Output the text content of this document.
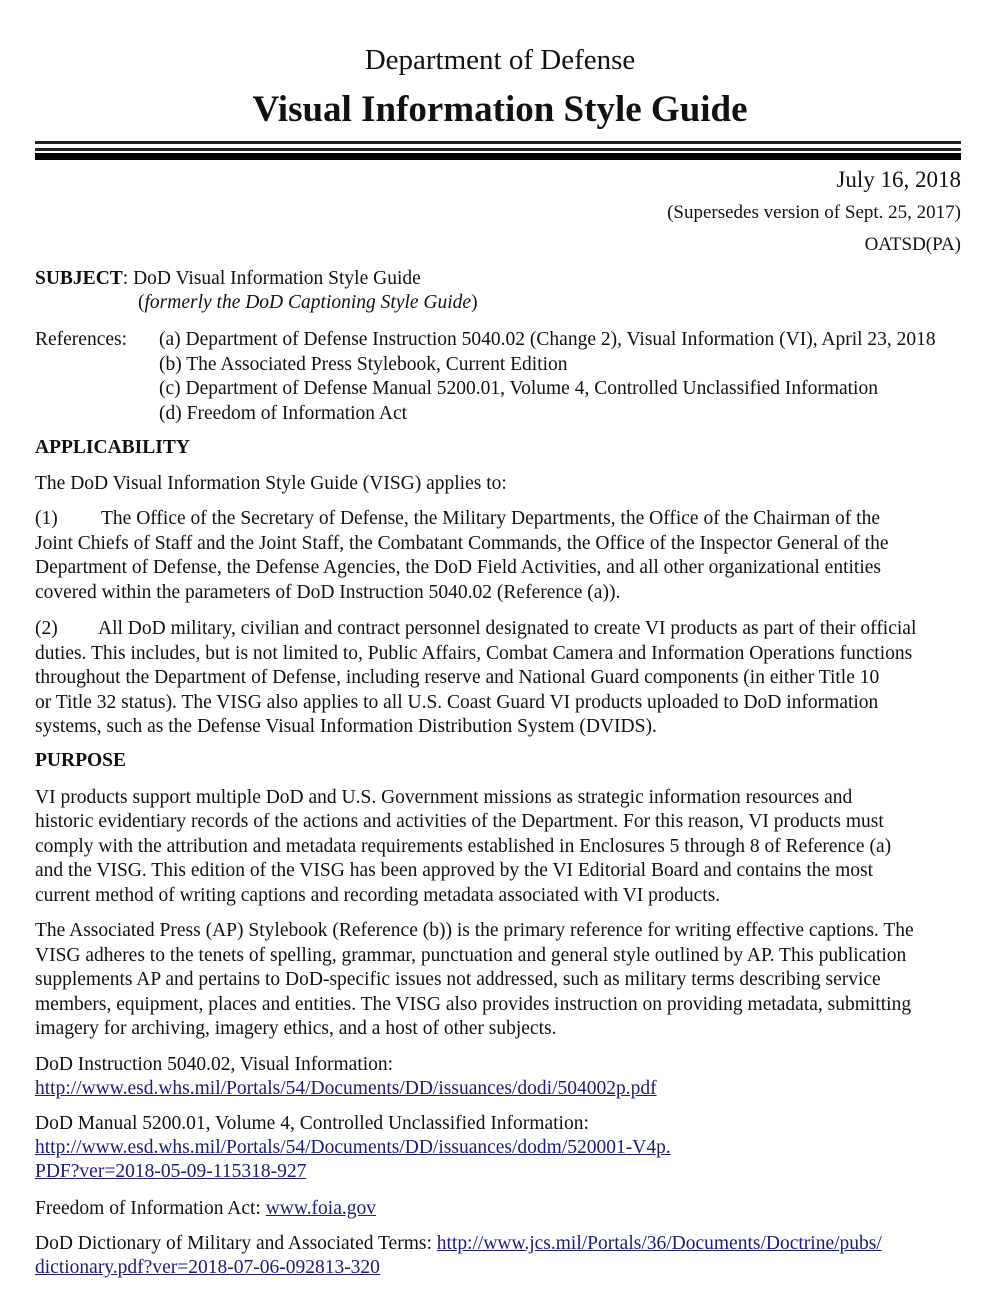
Department of Defense
Visual Information Style Guide
July 16, 2018
(Supersedes version of Sept. 25, 2017)
OATSD(PA)
SUBJECT: DoD Visual Information Style Guide
(formerly the DoD Captioning Style Guide)
References: (a) Department of Defense Instruction 5040.02 (Change 2), Visual Information (VI), April 23, 2018
(b) The Associated Press Stylebook, Current Edition
(c) Department of Defense Manual 5200.01, Volume 4, Controlled Unclassified Information
(d) Freedom of Information Act
APPLICABILITY
The DoD Visual Information Style Guide (VISG) applies to:
(1) The Office of the Secretary of Defense, the Military Departments, the Office of the Chairman of the
Joint Chiefs of Staff and the Joint Staff, the Combatant Commands, the Office of the Inspector General of the
Department of Defense, the Defense Agencies, the DoD Field Activities, and all other organizational entities
covered within the parameters of DoD Instruction 5040.02 (Reference (a)).
(2) All DoD military, civilian and contract personnel designated to create VI products as part of their official
duties. This includes, but is not limited to, Public Affairs, Combat Camera and Information Operations functions
throughout the Department of Defense, including reserve and National Guard components (in either Title 10
or Title 32 status). The VISG also applies to all U.S. Coast Guard VI products uploaded to DoD information
systems, such as the Defense Visual Information Distribution System (DVIDS).
PURPOSE
VI products support multiple DoD and U.S. Government missions as strategic information resources and
historic evidentiary records of the actions and activities of the Department. For this reason, VI products must
comply with the attribution and metadata requirements established in Enclosures 5 through 8 of Reference (a)
and the VISG. This edition of the VISG has been approved by the VI Editorial Board and contains the most
current method of writing captions and recording metadata associated with VI products.
The Associated Press (AP) Stylebook (Reference (b)) is the primary reference for writing effective captions. The
VISG adheres to the tenets of spelling, grammar, punctuation and general style outlined by AP. This publication
supplements AP and pertains to DoD-specific issues not addressed, such as military terms describing service
members, equipment, places and entities. The VISG also provides instruction on providing metadata, submitting
imagery for archiving, imagery ethics, and a host of other subjects.
DoD Instruction 5040.02, Visual Information:
http://www.esd.whs.mil/Portals/54/Documents/DD/issuances/dodi/504002p.pdf
DoD Manual 5200.01, Volume 4, Controlled Unclassified Information:
http://www.esd.whs.mil/Portals/54/Documents/DD/issuances/dodm/520001-V4p.
PDF?ver=2018-05-09-115318-927
Freedom of Information Act: www.foia.gov
DoD Dictionary of Military and Associated Terms: http://www.jcs.mil/Portals/36/Documents/Doctrine/pubs/
dictionary.pdf?ver=2018-07-06-092813-320
